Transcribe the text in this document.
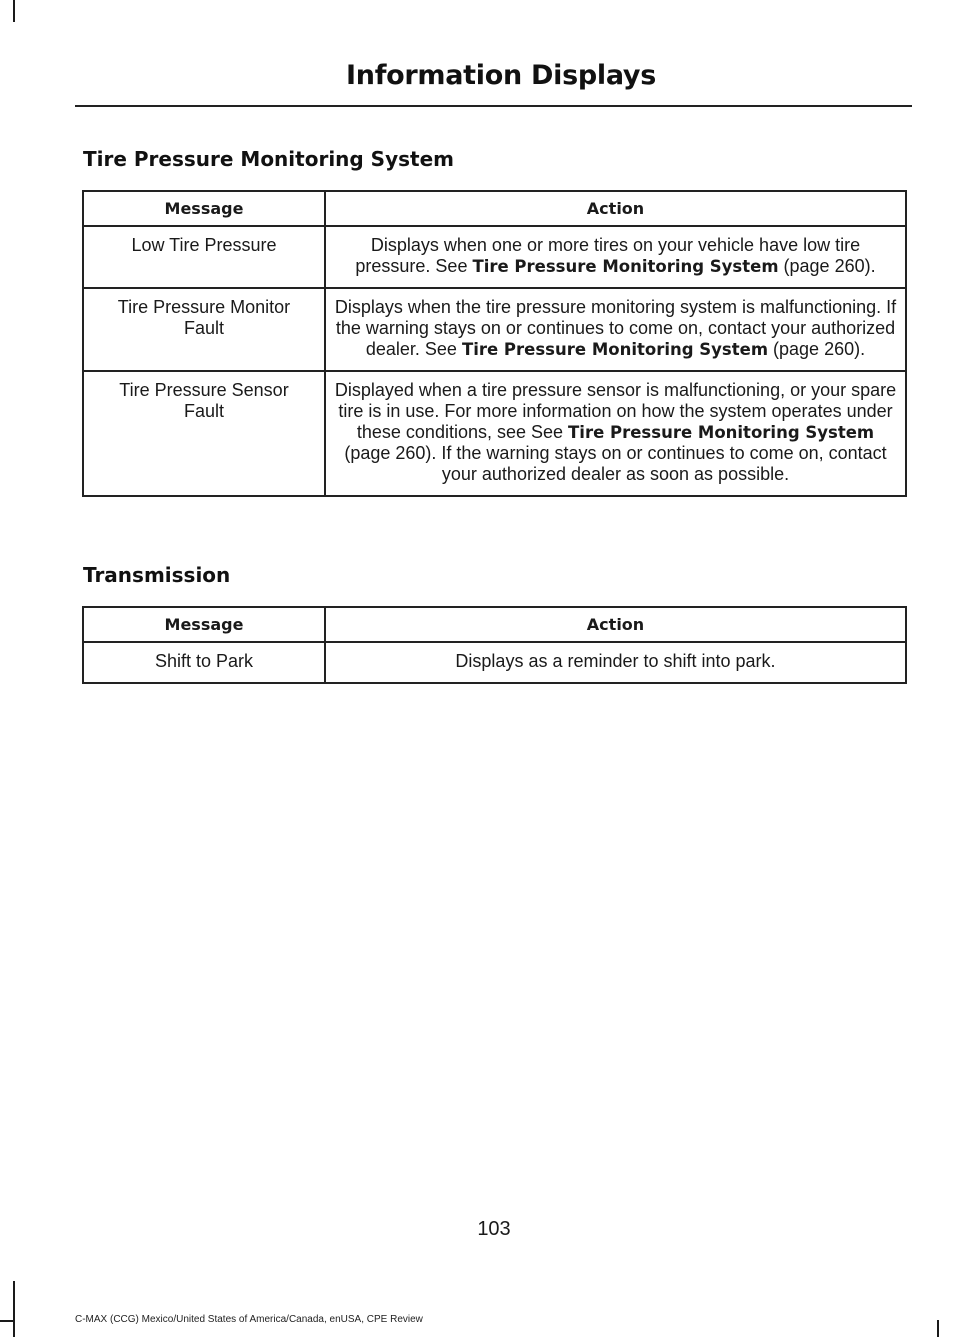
Information Displays
Tire Pressure Monitoring System
Message	Action
Low Tire Pressure	Displays when one or more tires on your vehicle have low tire pressure. See Tire Pressure Monitoring System (page 260).
Tire Pressure Monitor Fault	Displays when the tire pressure monitoring system is malfunctioning. If the warning stays on or continues to come on, contact your authorized dealer. See Tire Pressure Monitoring System (page 260).
Tire Pressure Sensor Fault	Displayed when a tire pressure sensor is malfunctioning, or your spare tire is in use. For more information on how the system operates under these conditions, see See Tire Pressure Monitoring System (page 260). If the warning stays on or continues to come on, contact your authorized dealer as soon as possible.
Transmission
Message	Action
Shift to Park	Displays as a reminder to shift into park.
103
C-MAX (CCG) Mexico/United States of America/Canada, enUSA, CPE Review
